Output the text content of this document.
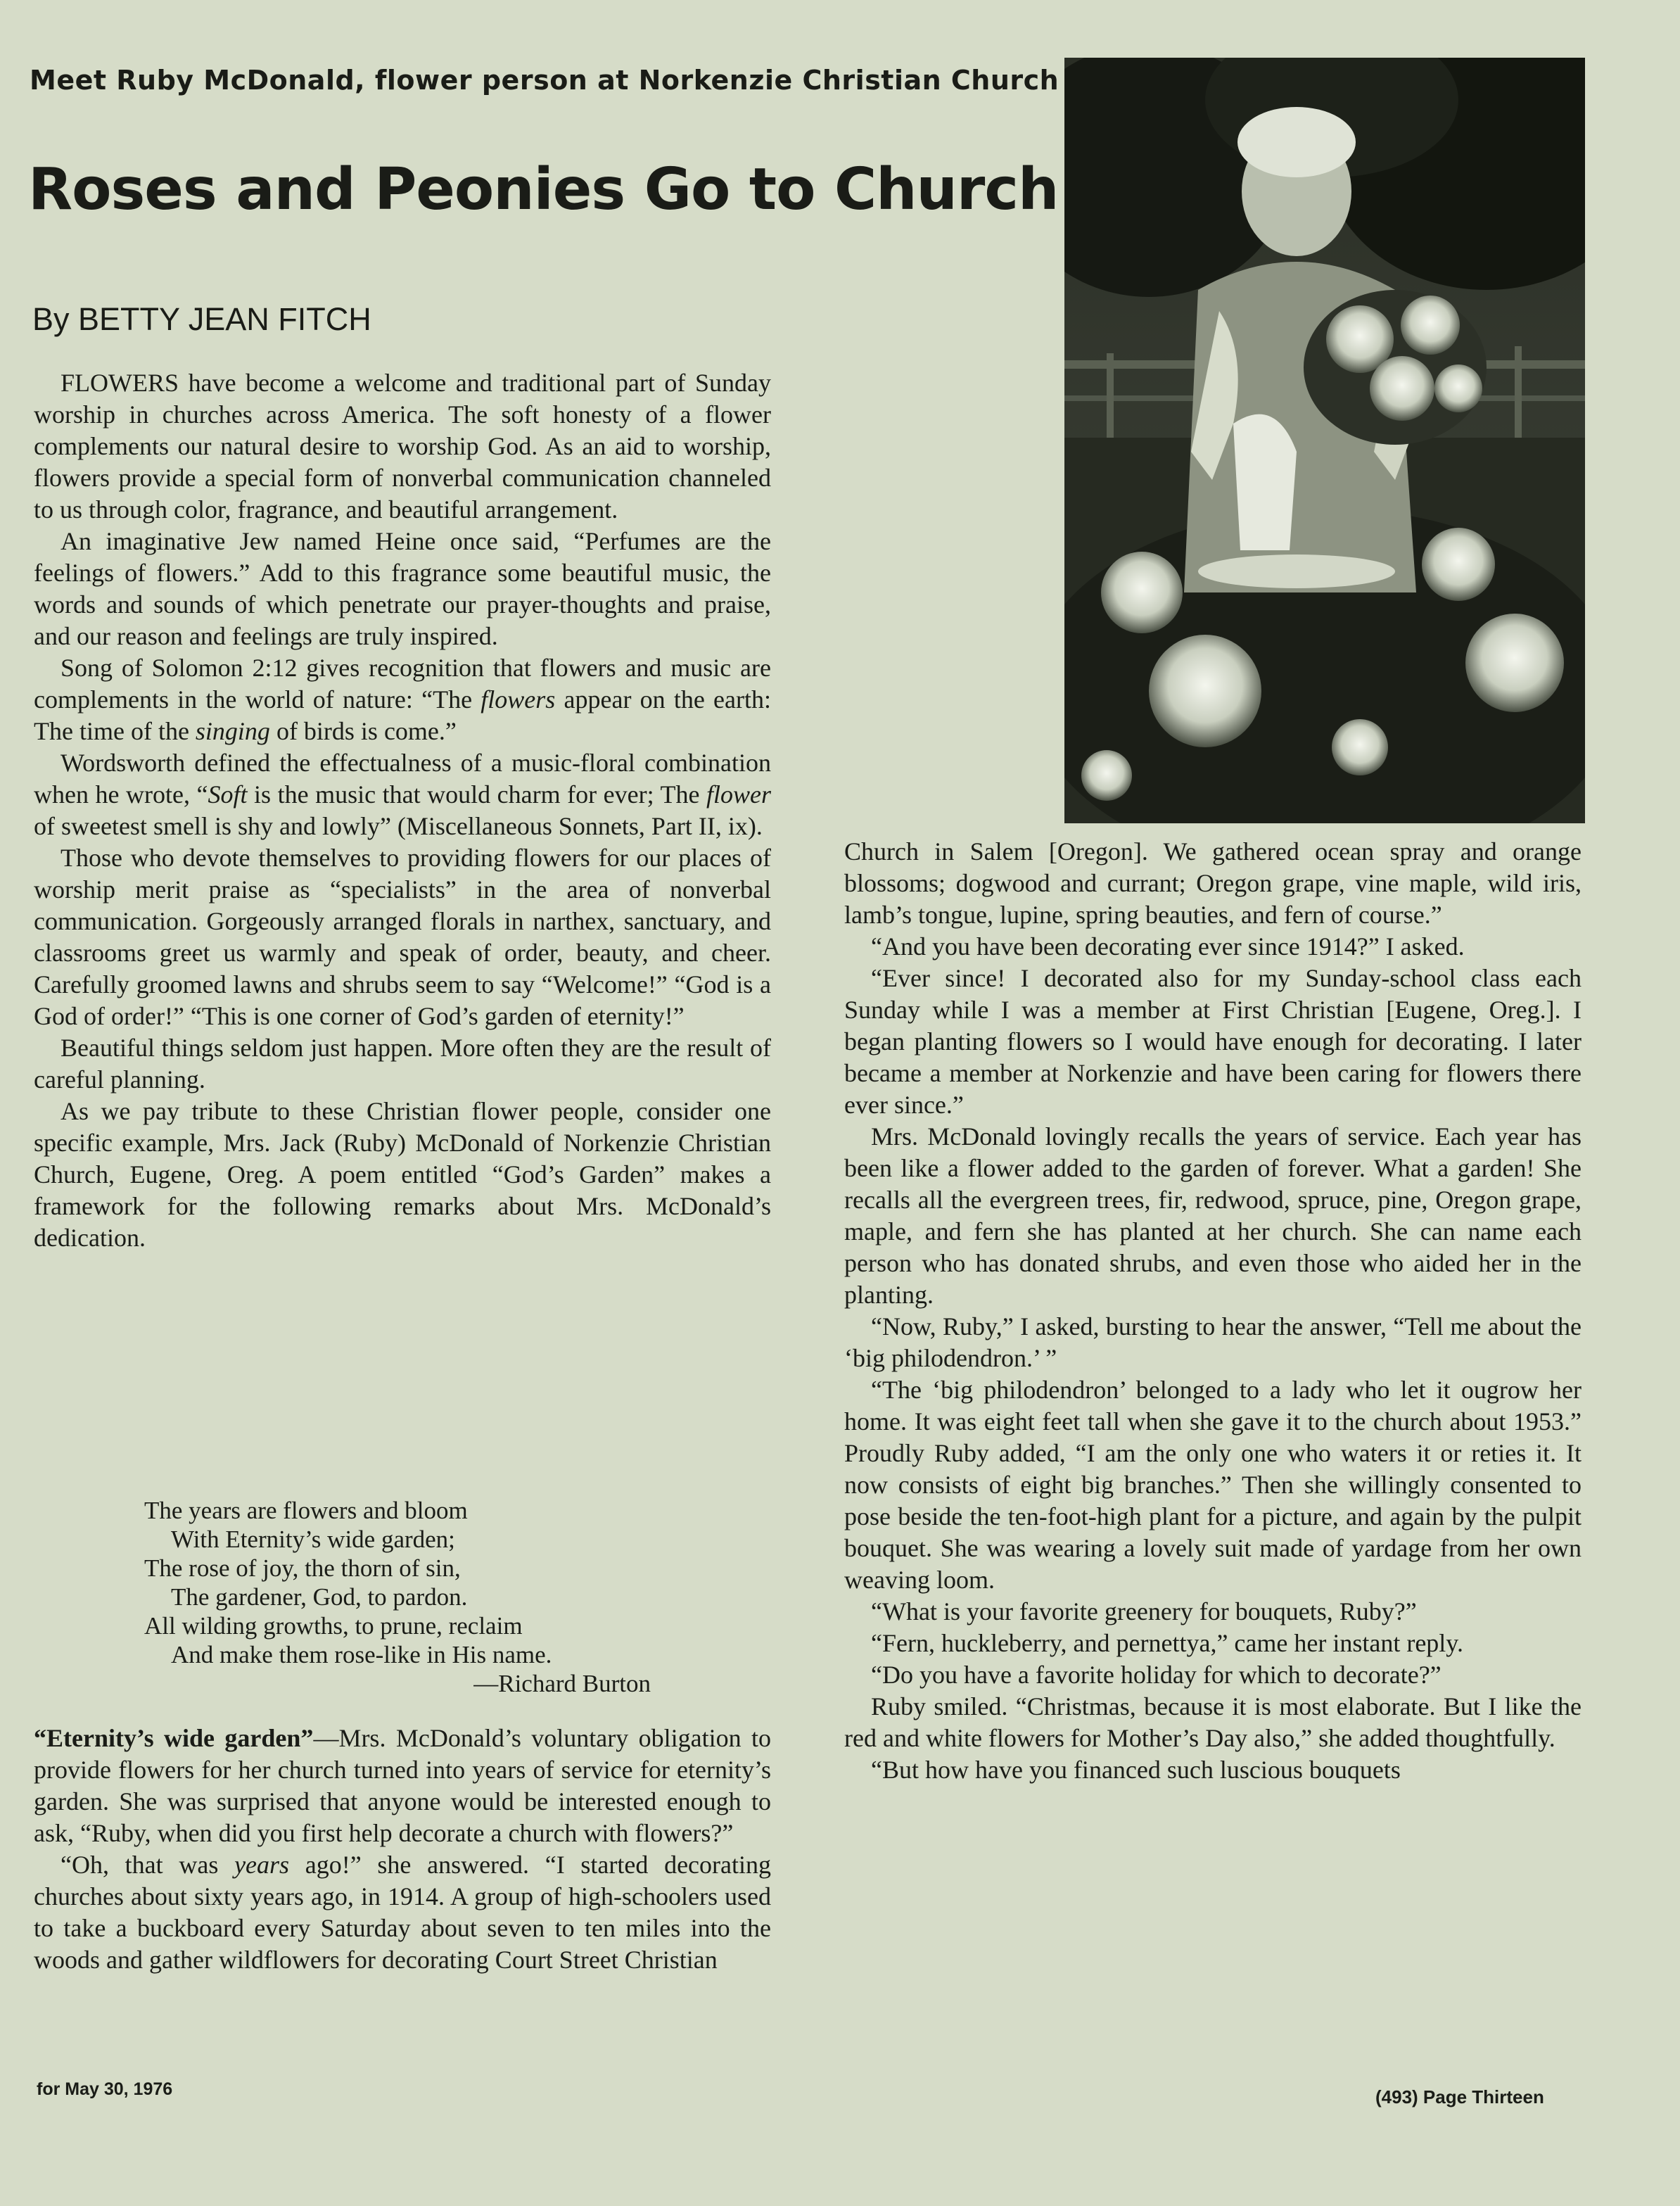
Meet Ruby McDonald, flower person at Norkenzie Christian Church
Roses and Peonies Go to Church
By BETTY JEAN FITCH

FLOWERS have become a welcome and traditional part of Sunday worship in churches across America. The soft honesty of a flower complements our natural desire to worship God. As an aid to worship, flowers provide a special form of nonverbal communication channeled to us through color, fragrance, and beautiful arrangement.

An imaginative Jew named Heine once said, “Perfumes are the feelings of flowers.” Add to this fragrance some beautiful music, the words and sounds of which penetrate our prayer-thoughts and praise, and our reason and feelings are truly inspired.

Song of Solomon 2:12 gives recognition that flowers and music are complements in the world of nature: “The flowers appear on the earth: The time of the singing of birds is come.”

Wordsworth defined the effectualness of a music-floral combination when he wrote, “Soft is the music that would charm for ever; The flower of sweetest smell is shy and lowly” (Miscellaneous Sonnets, Part II, ix).

Those who devote themselves to providing flowers for our places of worship merit praise as “specialists” in the area of nonverbal communication. Gorgeously arranged florals in narthex, sanctuary, and classrooms greet us warmly and speak of order, beauty, and cheer. Carefully groomed lawns and shrubs seem to say “Welcome!” “God is a God of order!” “This is one corner of God’s garden of eternity!”

Beautiful things seldom just happen. More often they are the result of careful planning.

As we pay tribute to these Christian flower people, consider one specific example, Mrs. Jack (Ruby) McDonald of Norkenzie Christian Church, Eugene, Oreg. A poem entitled “God’s Garden” makes a framework for the following remarks about Mrs. McDonald’s dedication.

The years are flowers and bloom
With Eternity’s wide garden;
The rose of joy, the thorn of sin,
The gardener, God, to pardon.
All wilding growths, to prune, reclaim
And make them rose-like in His name.
—Richard Burton

“Eternity’s wide garden”—Mrs. McDonald’s voluntary obligation to provide flowers for her church turned into years of service for eternity’s garden. She was surprised that anyone would be interested enough to ask, “Ruby, when did you first help decorate a church with flowers?”

“Oh, that was years ago!” she answered. “I started decorating churches about sixty years ago, in 1914. A group of high-schoolers used to take a buckboard every Saturday about seven to ten miles into the woods and gather wildflowers for decorating Court Street Christian

Church in Salem [Oregon]. We gathered ocean spray and orange blossoms; dogwood and currant; Oregon grape, vine maple, wild iris, lamb’s tongue, lupine, spring beauties, and fern of course.”

“And you have been decorating ever since 1914?” I asked.

“Ever since! I decorated also for my Sunday-school class each Sunday while I was a member at First Christian [Eugene, Oreg.]. I began planting flowers so I would have enough for decorating. I later became a member at Norkenzie and have been caring for flowers there ever since.”

Mrs. McDonald lovingly recalls the years of service. Each year has been like a flower added to the garden of forever. What a garden! She recalls all the evergreen trees, fir, redwood, spruce, pine, Oregon grape, maple, and fern she has planted at her church. She can name each person who has donated shrubs, and even those who aided her in the planting.

“Now, Ruby,” I asked, bursting to hear the answer, “Tell me about the ‘big philodendron.’ ”

“The ‘big philodendron’ belonged to a lady who let it ougrow her home. It was eight feet tall when she gave it to the church about 1953.” Proudly Ruby added, “I am the only one who waters it or reties it. It now consists of eight big branches.” Then she willingly consented to pose beside the ten-foot-high plant for a picture, and again by the pulpit bouquet. She was wearing a lovely suit made of yardage from her own weaving loom.

“What is your favorite greenery for bouquets, Ruby?”

“Fern, huckleberry, and pernettya,” came her instant reply.

“Do you have a favorite holiday for which to decorate?”

Ruby smiled. “Christmas, because it is most elaborate. But I like the red and white flowers for Mother’s Day also,” she added thoughtfully.

“But how have you financed such luscious bouquets

for May 30, 1976	(493) Page Thirteen
